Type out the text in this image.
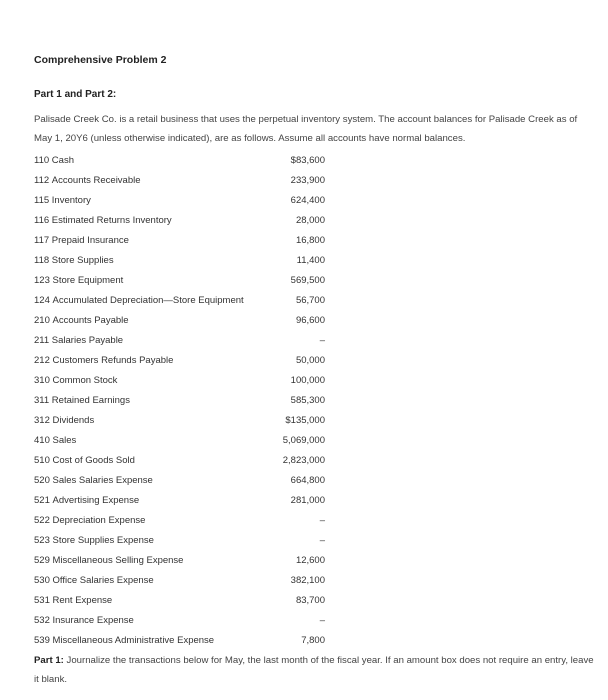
Comprehensive Problem 2
Part 1 and Part 2:
Palisade Creek Co. is a retail business that uses the perpetual inventory system. The account balances for Palisade Creek as of May 1, 20Y6 (unless otherwise indicated), are as follows. Assume all accounts have normal balances.
110 Cash	$83,600
112 Accounts Receivable	233,900
115 Inventory	624,400
116 Estimated Returns Inventory	28,000
117 Prepaid Insurance	16,800
118 Store Supplies	11,400
123 Store Equipment	569,500
124 Accumulated Depreciation—Store Equipment	56,700
210 Accounts Payable	96,600
211 Salaries Payable	–
212 Customers Refunds Payable	50,000
310 Common Stock	100,000
311 Retained Earnings	585,300
312 Dividends	$135,000
410 Sales	5,069,000
510 Cost of Goods Sold	2,823,000
520 Sales Salaries Expense	664,800
521 Advertising Expense	281,000
522 Depreciation Expense	–
523 Store Supplies Expense	–
529 Miscellaneous Selling Expense	12,600
530 Office Salaries Expense	382,100
531 Rent Expense	83,700
532 Insurance Expense	–
539 Miscellaneous Administrative Expense	7,800
Part 1: Journalize the transactions below for May, the last month of the fiscal year. If an amount box does not require an entry, leave it blank.
